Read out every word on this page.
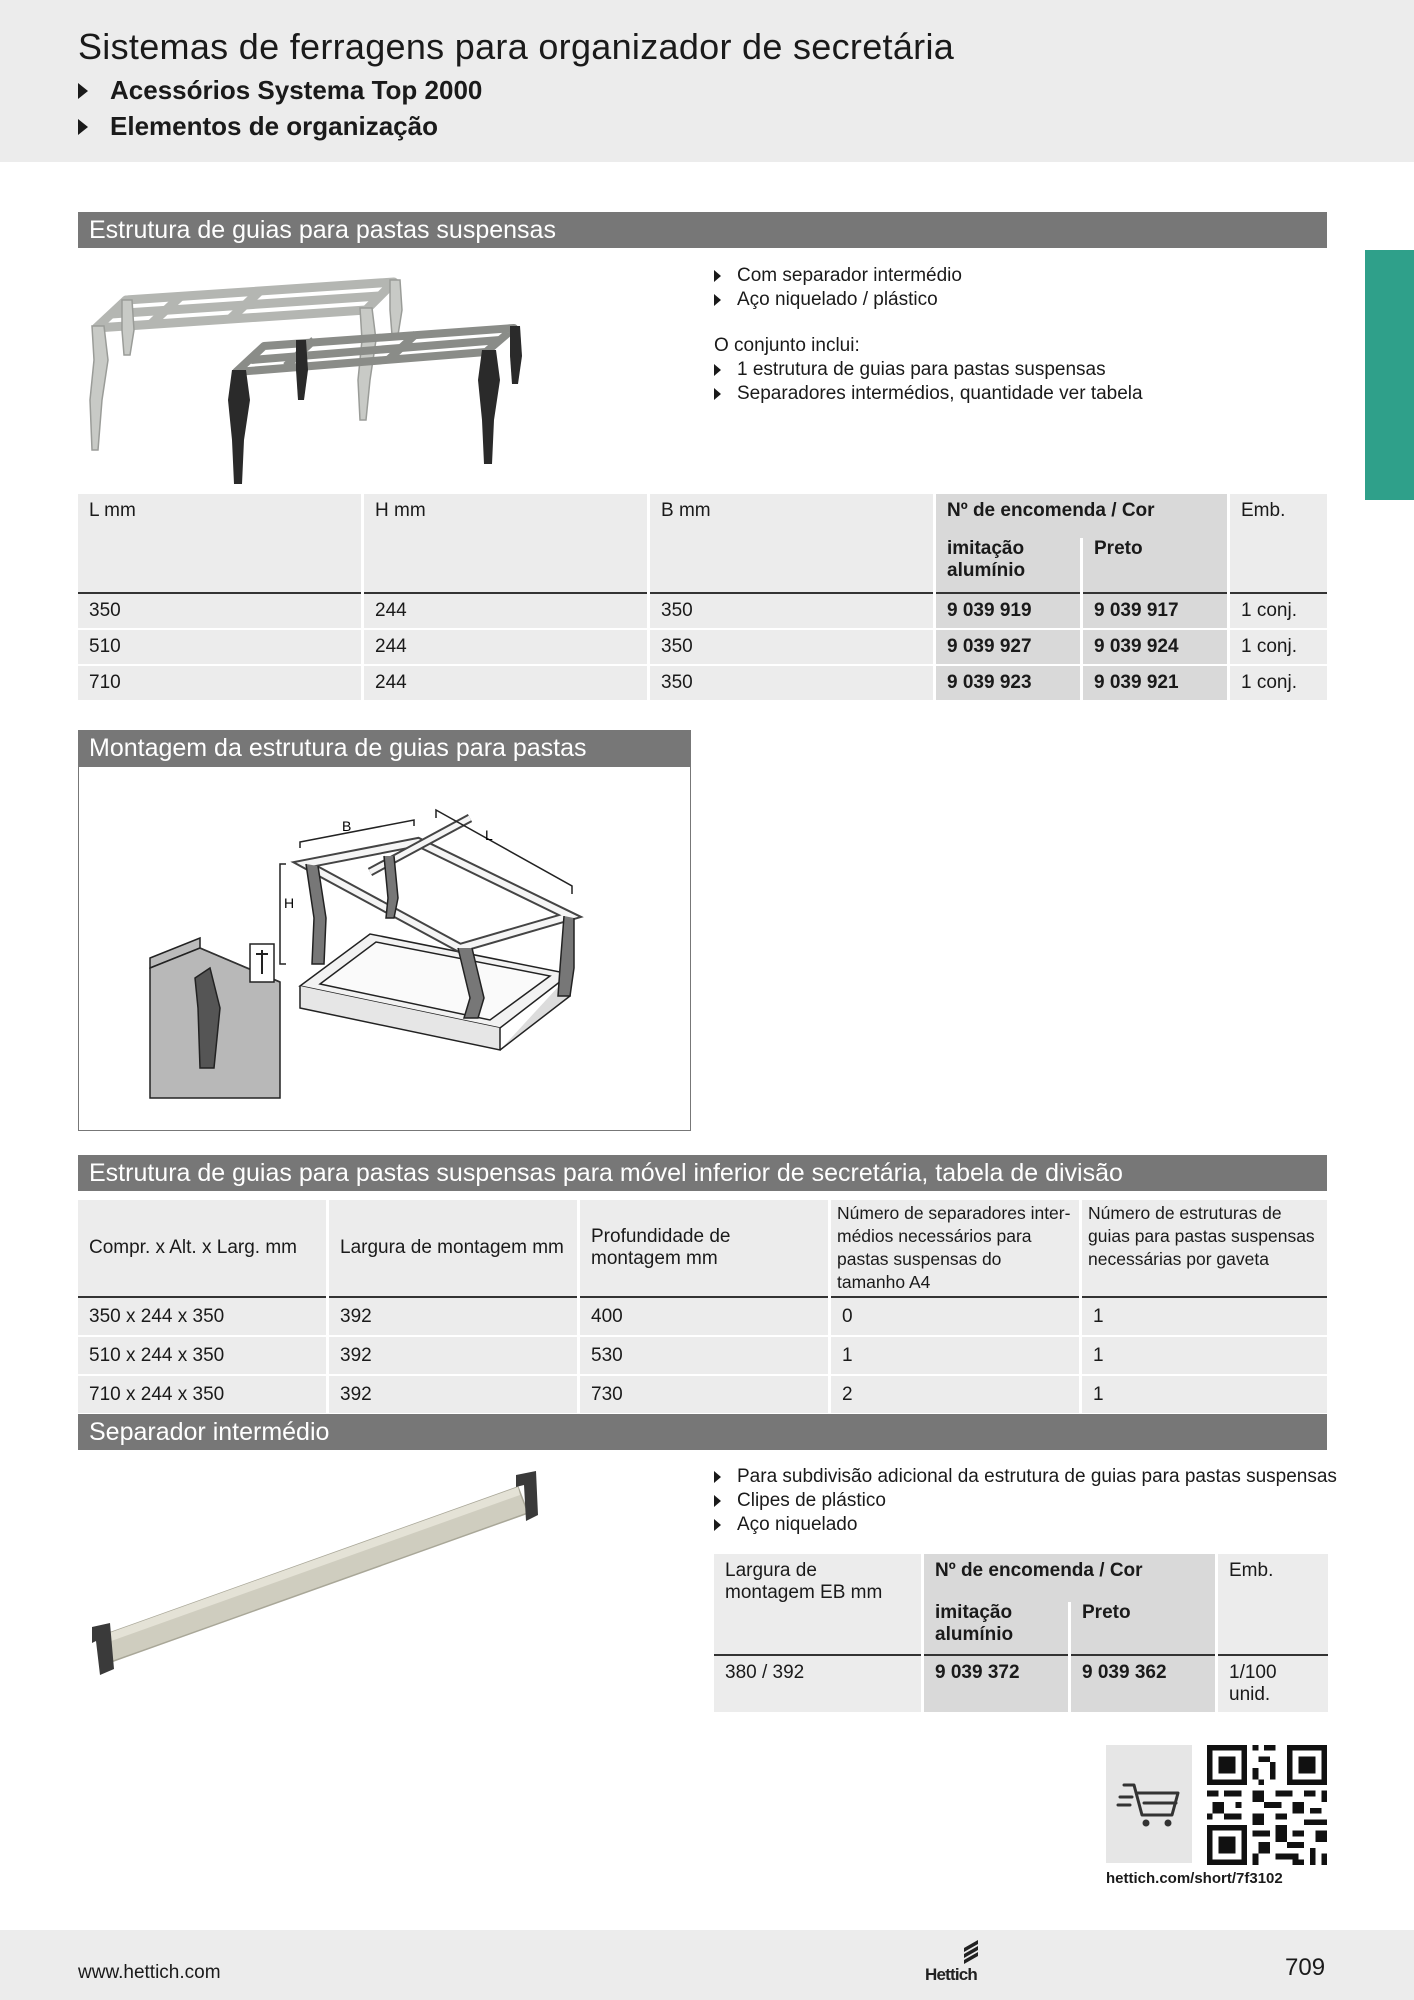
Sistemas de ferragens para organizador de secretária
Acessórios Systema Top 2000
Elementos de organização
Estrutura de guias para pastas suspensas
Com separador intermédio
Aço niquelado / plástico
O conjunto inclui:
1 estrutura de guias para pastas suspensas
Separadores intermédios, quantidade ver tabela
L mm	H mm	B mm	Nº de encomenda / Cor		Emb.
			imitação alumínio	Preto	
350	244	350	9 039 919	9 039 917	1 conj.
510	244	350	9 039 927	9 039 924	1 conj.
710	244	350	9 039 923	9 039 921	1 conj.
Montagem da estrutura de guias para pastas
B
L
H
Estrutura de guias para pastas suspensas para móvel inferior de secretária, tabela de divisão
Compr. x Alt. x Larg. mm	Largura de montagem mm	Profundidade de montagem mm	Número de separadores inter-médios necessários para pastas suspensas do tamanho A4	Número de estruturas de guias para pastas suspensas necessárias por gaveta
350 x 244 x 350	392	400	0	1
510 x 244 x 350	392	530	1	1
710 x 244 x 350	392	730	2	1
Separador intermédio
Para subdivisão adicional da estrutura de guias para pastas suspensas
Clipes de plástico
Aço niquelado
Largura de montagem EB mm	Nº de encomenda / Cor		Emb.
	imitação alumínio	Preto	
380 / 392	9 039 372	9 039 362	1/100 unid.
hettich.com/short/7f3102
www.hettich.com	Hettich	709
